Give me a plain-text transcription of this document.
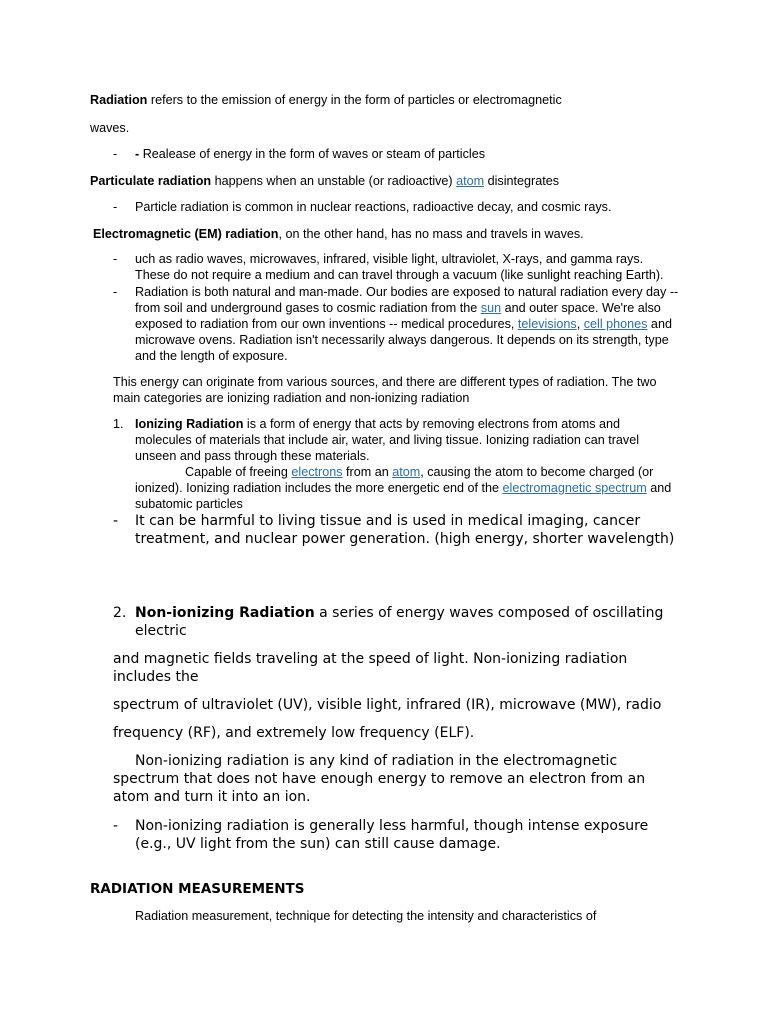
Radiation refers to the emission of energy in the form of particles or electromagnetic
waves.
- - Realease of energy in the form of waves or steam of particles
Particulate radiation happens when an unstable (or radioactive) atom disintegrates
- Particle radiation is common in nuclear reactions, radioactive decay, and cosmic rays.
Electromagnetic (EM) radiation, on the other hand, has no mass and travels in waves.
- uch as radio waves, microwaves, infrared, visible light, ultraviolet, X-rays, and gamma rays. These do not require a medium and can travel through a vacuum (like sunlight reaching Earth).
- Radiation is both natural and man-made. Our bodies are exposed to natural radiation every day -- from soil and underground gases to cosmic radiation from the sun and outer space. We're also exposed to radiation from our own inventions -- medical procedures, televisions, cell phones and microwave ovens. Radiation isn't necessarily always dangerous. It depends on its strength, type and the length of exposure.
This energy can originate from various sources, and there are different types of radiation. The two main categories are ionizing radiation and non-ionizing radiation
1. Ionizing Radiation is a form of energy that acts by removing electrons from atoms and molecules of materials that include air, water, and living tissue. Ionizing radiation can travel unseen and pass through these materials.
Capable of freeing electrons from an atom, causing the atom to become charged (or ionized). Ionizing radiation includes the more energetic end of the electromagnetic spectrum and subatomic particles
- It can be harmful to living tissue and is used in medical imaging, cancer treatment, and nuclear power generation. (high energy, shorter wavelength)
2. Non-ionizing Radiation a series of energy waves composed of oscillating electric
and magnetic fields traveling at the speed of light. Non-ionizing radiation includes the
spectrum of ultraviolet (UV), visible light, infrared (IR), microwave (MW), radio
frequency (RF), and extremely low frequency (ELF).
Non-ionizing radiation is any kind of radiation in the electromagnetic spectrum that does not have enough energy to remove an electron from an atom and turn it into an ion.
- Non-ionizing radiation is generally less harmful, though intense exposure (e.g., UV light from the sun) can still cause damage.
RADIATION MEASUREMENTS
Radiation measurement, technique for detecting the intensity and characteristics of
